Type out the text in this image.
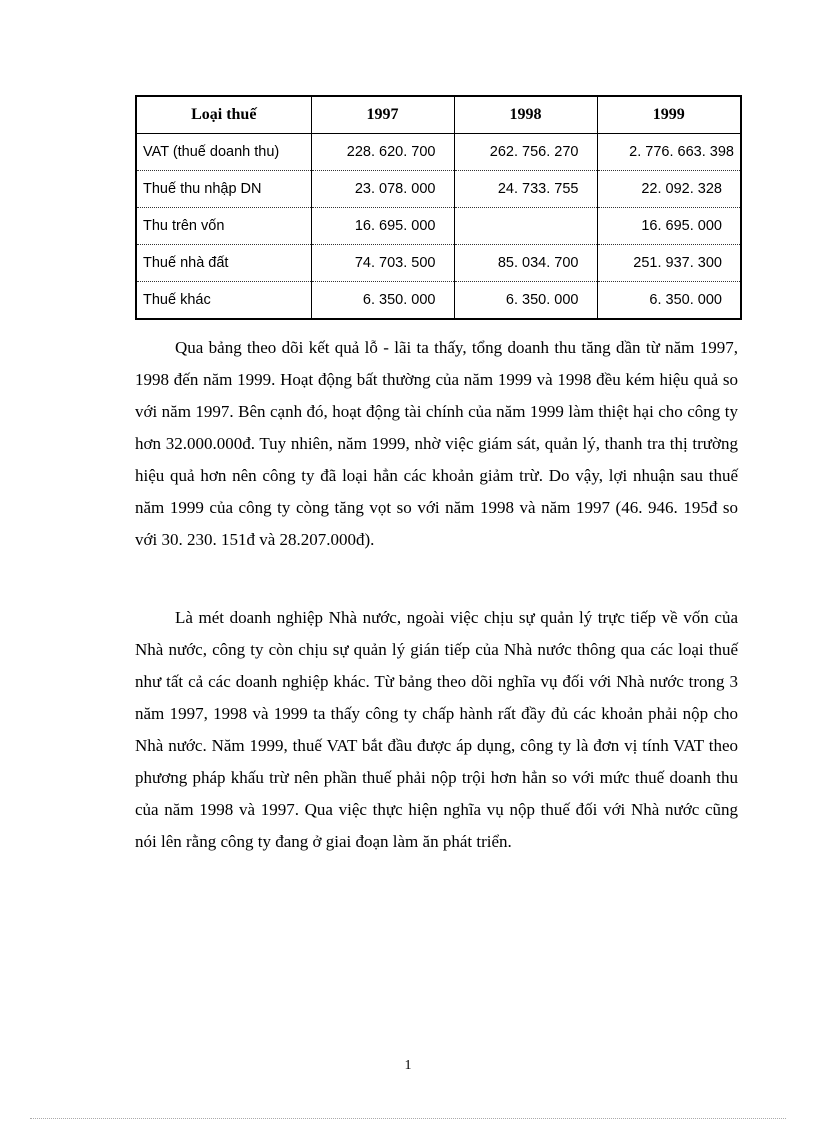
Loại thuế	1997	1998	1999
VAT (thuế doanh thu)	228. 620. 700	262. 756. 270	2. 776. 663. 398
Thuế thu nhập DN	23. 078. 000	24. 733. 755	22. 092. 328
Thu trên vốn	16. 695. 000		16. 695. 000
Thuế nhà đất	74. 703. 500	85. 034. 700	251. 937. 300
Thuế khác	6. 350. 000	6. 350. 000	6. 350. 000

Qua bảng theo dõi kết quả lỗ - lãi ta thấy, tổng doanh thu tăng dần từ năm 1997, 1998 đến năm 1999. Hoạt động bất thường của năm 1999 và 1998 đều kém hiệu quả so với năm 1997. Bên cạnh đó, hoạt động tài chính của năm 1999 làm thiệt hại cho công ty hơn 32.000.000đ. Tuy nhiên, năm 1999, nhờ việc giám sát, quản lý, thanh tra thị trường hiệu quả hơn nên công ty đã loại hẳn các khoản giảm trừ. Do vậy, lợi nhuận sau thuế năm 1999 của công ty còng tăng vọt so với năm 1998 và năm 1997 (46. 946. 195đ so với 30. 230. 151đ và 28.207.000đ).

Là mét doanh nghiệp Nhà nước, ngoài việc chịu sự quản lý trực tiếp về vốn của Nhà nước, công ty còn chịu sự quản lý gián tiếp của Nhà nước thông qua các loại thuế như tất cả các doanh nghiệp khác. Từ bảng theo dõi nghĩa vụ đối với Nhà nước trong 3 năm 1997, 1998 và 1999 ta thấy công ty chấp hành rất đầy đủ các khoản phải nộp cho Nhà nước. Năm 1999, thuế VAT bắt đầu được áp dụng, công ty là đơn vị tính VAT theo phương pháp khấu trừ nên phần thuế phải nộp trội hơn hẳn so với mức thuế doanh thu của năm 1998 và 1997. Qua việc thực hiện nghĩa vụ nộp thuế đối với Nhà nước cũng nói lên rằng công ty đang ở giai đoạn làm ăn phát triển.

1
